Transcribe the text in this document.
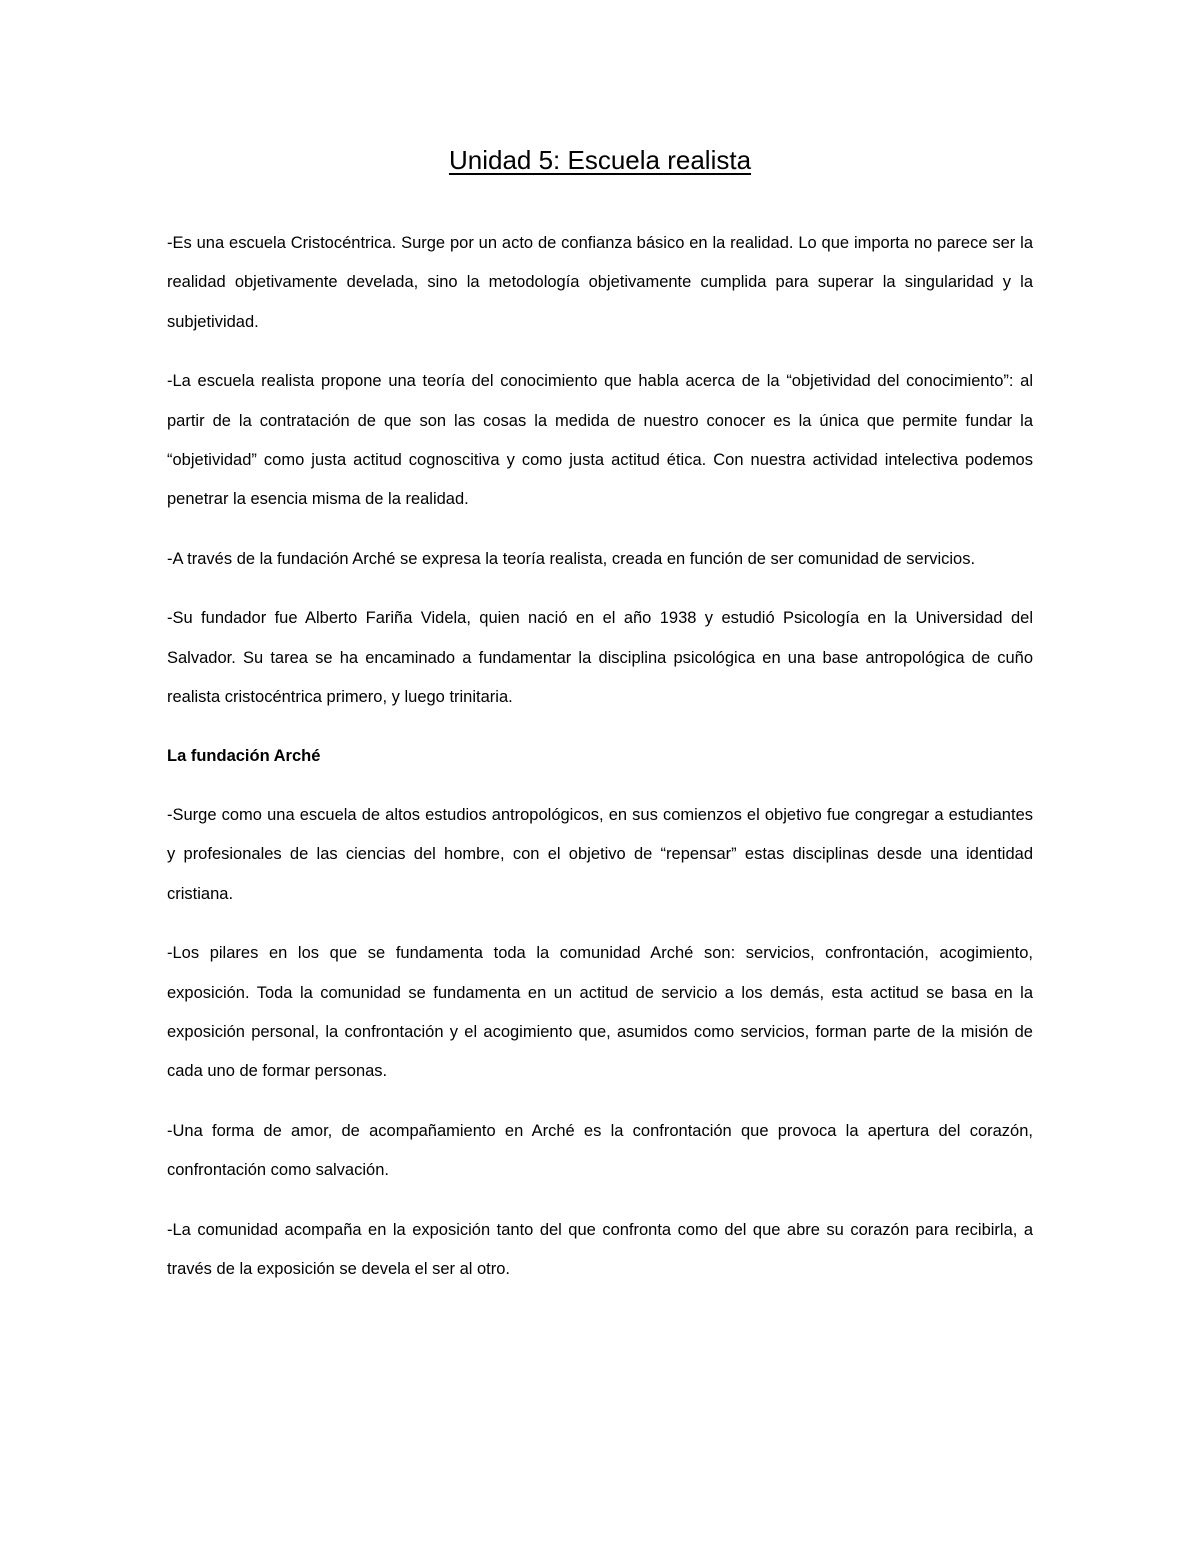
Unidad 5: Escuela realista

-Es una escuela Cristocéntrica. Surge por un acto de confianza básico en la realidad. Lo que importa no parece ser la realidad objetivamente develada, sino la metodología objetivamente cumplida para superar la singularidad y la subjetividad.

-La escuela realista propone una teoría del conocimiento que habla acerca de la “objetividad del conocimiento”: al partir de la contratación de que son las cosas la medida de nuestro conocer es la única que permite fundar la “objetividad” como justa actitud cognoscitiva y como justa actitud ética. Con nuestra actividad intelectiva podemos penetrar la esencia misma de la realidad.

-A través de la fundación Arché se expresa la teoría realista, creada en función de ser comunidad de servicios.

-Su fundador fue Alberto Fariña Videla, quien nació en el año 1938 y estudió Psicología en la Universidad del Salvador. Su tarea se ha encaminado a fundamentar la disciplina psicológica en una base antropológica de cuño realista cristocéntrica primero, y luego trinitaria.

La fundación Arché

-Surge como una escuela de altos estudios antropológicos, en sus comienzos el objetivo fue congregar a estudiantes y profesionales de las ciencias del hombre, con el objetivo de “repensar” estas disciplinas desde una identidad cristiana.

-Los pilares en los que se fundamenta toda la comunidad Arché son: servicios, confrontación, acogimiento, exposición. Toda la comunidad se fundamenta en un actitud de servicio a los demás, esta actitud se basa en la exposición personal, la confrontación y el acogimiento que, asumidos como servicios, forman parte de la misión de cada uno de formar personas.

-Una forma de amor, de acompañamiento en Arché es la confrontación que provoca la apertura del corazón, confrontación como salvación.

-La comunidad acompaña en la exposición tanto del que confronta como del que abre su corazón para recibirla, a través de la exposición se devela el ser al otro.
